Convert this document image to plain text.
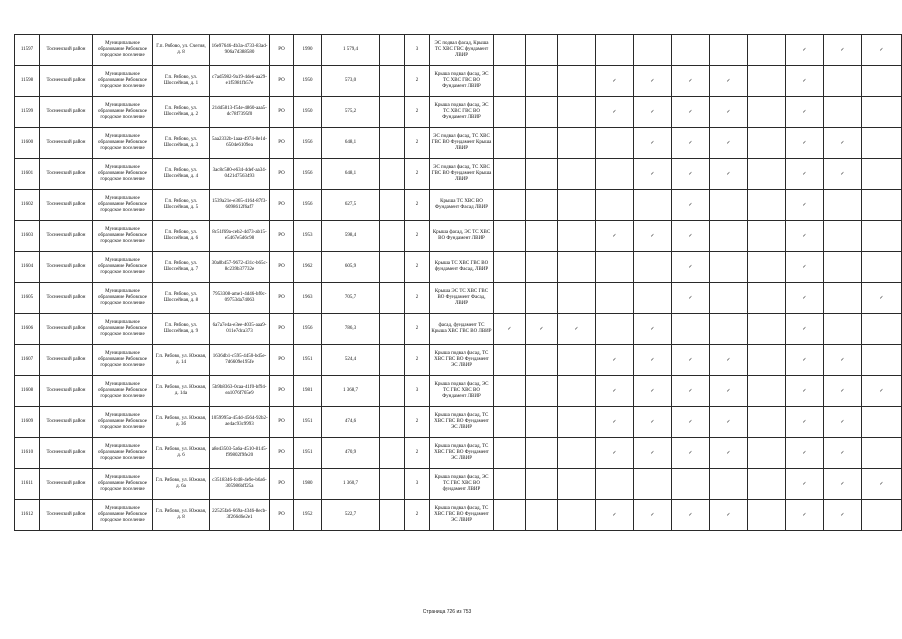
11597	Тосненский район	Муниципальное образование Рябовское городское поселение	Г.п. Рябово, ул. Счегия, д. 8	16e97646-4b3a-4733-83ad-906a7d388580	РО	1990	1 579,4		3	ЭС подвал фасад, Крыша ТС ХВС ГВС фундамент ЛВИР									✓	✓	✓
11598	Тосненский район	Муниципальное образование Рябовское городское поселение	Г.п. Рябово, ул. Шоссейная, д. 1	c7ad5982-9a19-4de6-aa29-e1f5981fb57e	РО	1950	573,0		2	Крыша подвал фасад, ЭС ТС ХВС ГВС ВО Фундамент ЛВИР				✓	✓	✓	✓		✓		
11599	Тосненский район	Муниципальное образование Рябовское городское поселение	Г.п. Рябово, ул. Шоссейная, д. 2	21dd5813-f54e-4860-aaa5-dc78f7395f0	РО	1950	575,2		2	Крыша подвал фасад, ЭС ТС ХВС ГВС ВО Фундамент ЛВИР				✓	✓	✓	✓		✓		
11600	Тосненский район	Муниципальное образование Рябовское городское поселение	Г.п. Рябово, ул. Шоссейная, д. 3	5aa2332b-1aaa-4974-8e1d-6504e6109ea	РО	1956	648,1		2	ЭС подвал фасад, ТС ХВС ГВС ВО Фундамент Крыша ЛВИР					✓	✓	✓		✓	✓	
11601	Тосненский район	Муниципальное образование Рябовское городское поселение	Г.п. Рябово, ул. Шоссейная, д. 4	3ac8c580-e634-4def-aa34-0421d7563493	РО	1956	648,1		2	ЭС подвал фасад, ТС ХВС ГВС ВО Фундамент Крыша ЛВИР					✓	✓	✓		✓	✓	
11602	Тосненский район	Муниципальное образование Рябовское городское поселение	Г.п. Рябово, ул. Шоссейная, д. 5	1539a21e-e365-4164-87f3-6098612f6af7	РО	1956	627,5		2	Крыша ТС ХВС ВО Фундамент Фасад ЛВИР						✓			✓		
11603	Тосненский район	Муниципальное образование Рябовское городское поселение	Г.п. Рябово, ул. Шоссейная, д. 6	8c51f69a-ceb2-4d73-ab15-e5467e5d6c98	РО	1953	598,4		2	Крыша фасад, ЭС ТС ХВС ВО Фундамент ЛВИР				✓	✓	✓			✓		
11604	Тосненский район	Муниципальное образование Рябовское городское поселение	Г.п. Рябово, ул. Шоссейная, д. 7	30a0b457-9672-431c-b65c-8c239b37732e	РО	1962	605,9		2	Крыша ТС ХВС ГВС ВО фундамент Фасад, ЛВИР						✓			✓		
11605	Тосненский район	Муниципальное образование Рябовское городское поселение	Г.п. Рябово, ул. Шоссейная, д. 8	7953308-ame1-4d46-bf0c-09753da74063	РО	1963	705,7		2	Крыша ЭС ТС ХВС ГВС ВО Фундамент Фасад, ЛВИР						✓			✓		✓
11606	Тосненский район	Муниципальное образование Рябовское городское поселение	Г.п. Рябово, ул. Шоссейная, д. 9	6a7a7e4a-e3ee-4035-aaa9-011e7dca373	РО	1956	786,3		2	фасад, фундамент ТС Крыша ХВС ГВС ВО ЛВИР	✓	✓	✓		✓				✓		
11607	Тосненский район	Муниципальное образование Рябовское городское поселение	Г.п. Рябово, ул. Южная, д. 14	1636db1-c595-4450-bd5e-7d6609e195fe	РО	1951	524,4		2	Крыша подвал фасад, ТС ХВС ГВС ВО Фундамент ЭС ЛВИР				✓	✓	✓	✓		✓	✓	
11608	Тосненский район	Муниципальное образование Рябовское городское поселение	Г.п. Рябово, ул. Южная, д. 14а	5b9b8363-0caa-41f0-bf94-ea1076f765e9	РО	1981	1 368,7		3	Крыша подвал фасад, ЭС ТС ГВС ХВС ВО Фундамент ЛВИР				✓	✓	✓	✓		✓	✓	✓
11609	Тосненский район	Муниципальное образование Рябовское городское поселение	Г.п. Рябово, ул. Южная, д. 3б	1059995a-454d-4564-92b2-ae4ac93c9993	РО	1951	474,6		2	Крыша подвал фасад, ТС ХВС ГВС ВО Фундамент ЭС ЛВИР				✓	✓	✓	✓		✓	✓	
11610	Тосненский район	Муниципальное образование Рябовское городское поселение	Г.п. Рябово, ул. Южная, д. 6	a8e43503-5a6a-4510-8145-f99802f9fe20	РО	1951	470,9		2	Крыша подвал фасад, ТС ХВС ГВС ВО Фундамент ЭС ЛВИР				✓	✓	✓	✓		✓	✓	
11611	Тосненский район	Муниципальное образование Рябовское городское поселение	Г.п. Рябово, ул. Южная, д. 6а	c3518346-fcd8-4e9e-b6a6-305986bff25a	РО	1980	1 360,7		3	Крыша подвал фасад, ЭС ТС ГВС ХВС ВО фундамент ЛВИР									✓	✓	✓
11612	Тосненский район	Муниципальное образование Рябовское городское поселение	Г.п. Рябово, ул. Южная, д. 8	22525fa6-669a-4346-8ecb-3f266d6e2e1	РО	1952	522,7		2	Крыша подвал фасад, ТС ХВС ГВС ВО Фундамент ЭС ЛВИР				✓	✓	✓	✓		✓	✓	
Страница 726 из 753
